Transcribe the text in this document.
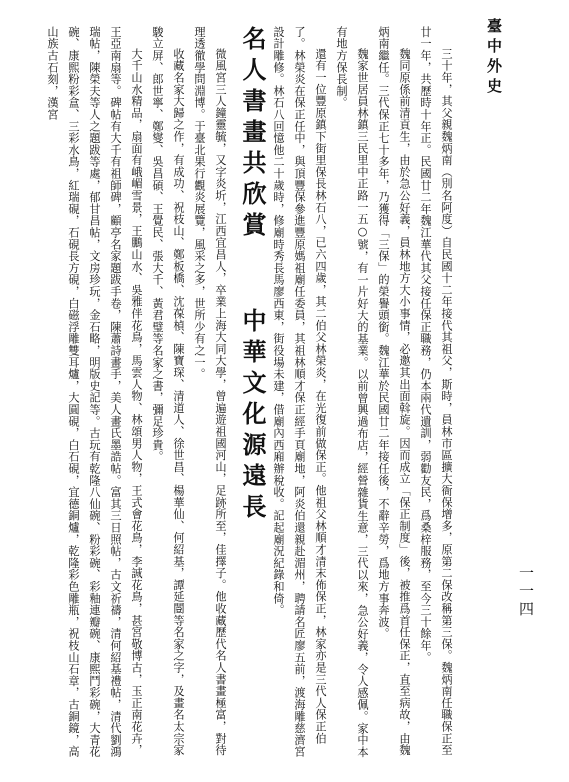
臺中外史
一一四

三十年，其父親魏炳南（別名阿度）自民國十二年接代其祖父，斯時，員林市區擴大衙保增多，原第二保改稱第三保。魏炳南任職保正至廿一年，共歷時十年正。民國廿二年魏江華代其父接任保正職務，仍本兩代遺訓，弱勸友民，爲桑梓服務，至今三十餘年。

魏同原係前清貢生，由於急公好義，員林地方大小事情，必邀其出面斡旋。因而成立「保正制度」後，被推爲首任保正，直至病故，由魏炳南繼任。三代保正七十多年，乃獲得「三保」的榮譽頭銜。魏江華於民國廿二年接任後，不辭辛勞，爲地方事奔波。

魏家世居員林鎮三民里中正路一五○號，有一片好大的基業。以前曾興過布店，經營雜貨生意，三代以來，急公好義，令人感佩。家中本有地方保長制。

還有一位豐原鎮下街里保長林石八，已六四歲，其二伯父林榮炎，在光復前做保正。他祖父林順才清末佈保正，林家亦是三代人保正伯了。林榮炎在保正任中，與頂豐保參進豐原媽祖廟任委員，其祖林順才保正經手頁廟地，阿炎伯還親赴湄州，聘請名匠廖五前，渡海雕慈濟宮設計雕修。林石八回憶他二十歲時，修廟時秀長馬廖西東，街役場未建，借廟內西廂辦稅收。記起廟況紀錄和倚。

名人書畫共欣賞 中華文化源遠長

微風宮三人鐘靈毓，又字炎圻，江西宜昌人，卒業上海大同大學，曾遍遊祖國河山，足跡所至，佳擇子。他收藏歷代名人書畫極富，對待理透徹學問淵博。于臺北果行觀炎展覽，風采之多，世所少有之一。

收藏名家大歸之作，有成功、祝枝山、鄭板橋、沈葆楨、陳寶琛、清道人、徐世昌、楊華仙、何紹基，譚延闓等名家之字，及畫名太宗家駿立屏、郎世寧、鄭燮、吳昌碩、王覺民、張大千、黃君璧等名家之書，彌足珍貴。

大千山水精品，扇面有峨嵋雪景，王鵬山水、吳雅伴花鳥，馬雲人物、林頌男人物，王式會花鳥，李誠花鳥，甚宮敬博古，玉正南花卉，王亞南扇等。碑帖有大千有祖師碑，顧亭名家題跋手卷，陳蕭詩畫手，美人畫氏墨誥帖。富其三日照帖，古文祈禱，清何紹基禮帖，清代劉鴻瑞帖，陳榮夫等人之題跋等處，郁甘昌帖，文房珍玩，金石略，明版史記等。古玩有乾隆八仙碗、粉彩碗、彩釉連瓣碗、康熙鬥彩碗，大青花碗、康熙粉彩盒、三彩水鳥，紅瑞硯，石硯長方硯，白磁浮雕雙耳爐，大圓硯，白石硯，宜德銅爐，乾隆彩色雕瓶，祝枝山石章，古銅鏡，高山族古石刻，漢宮
